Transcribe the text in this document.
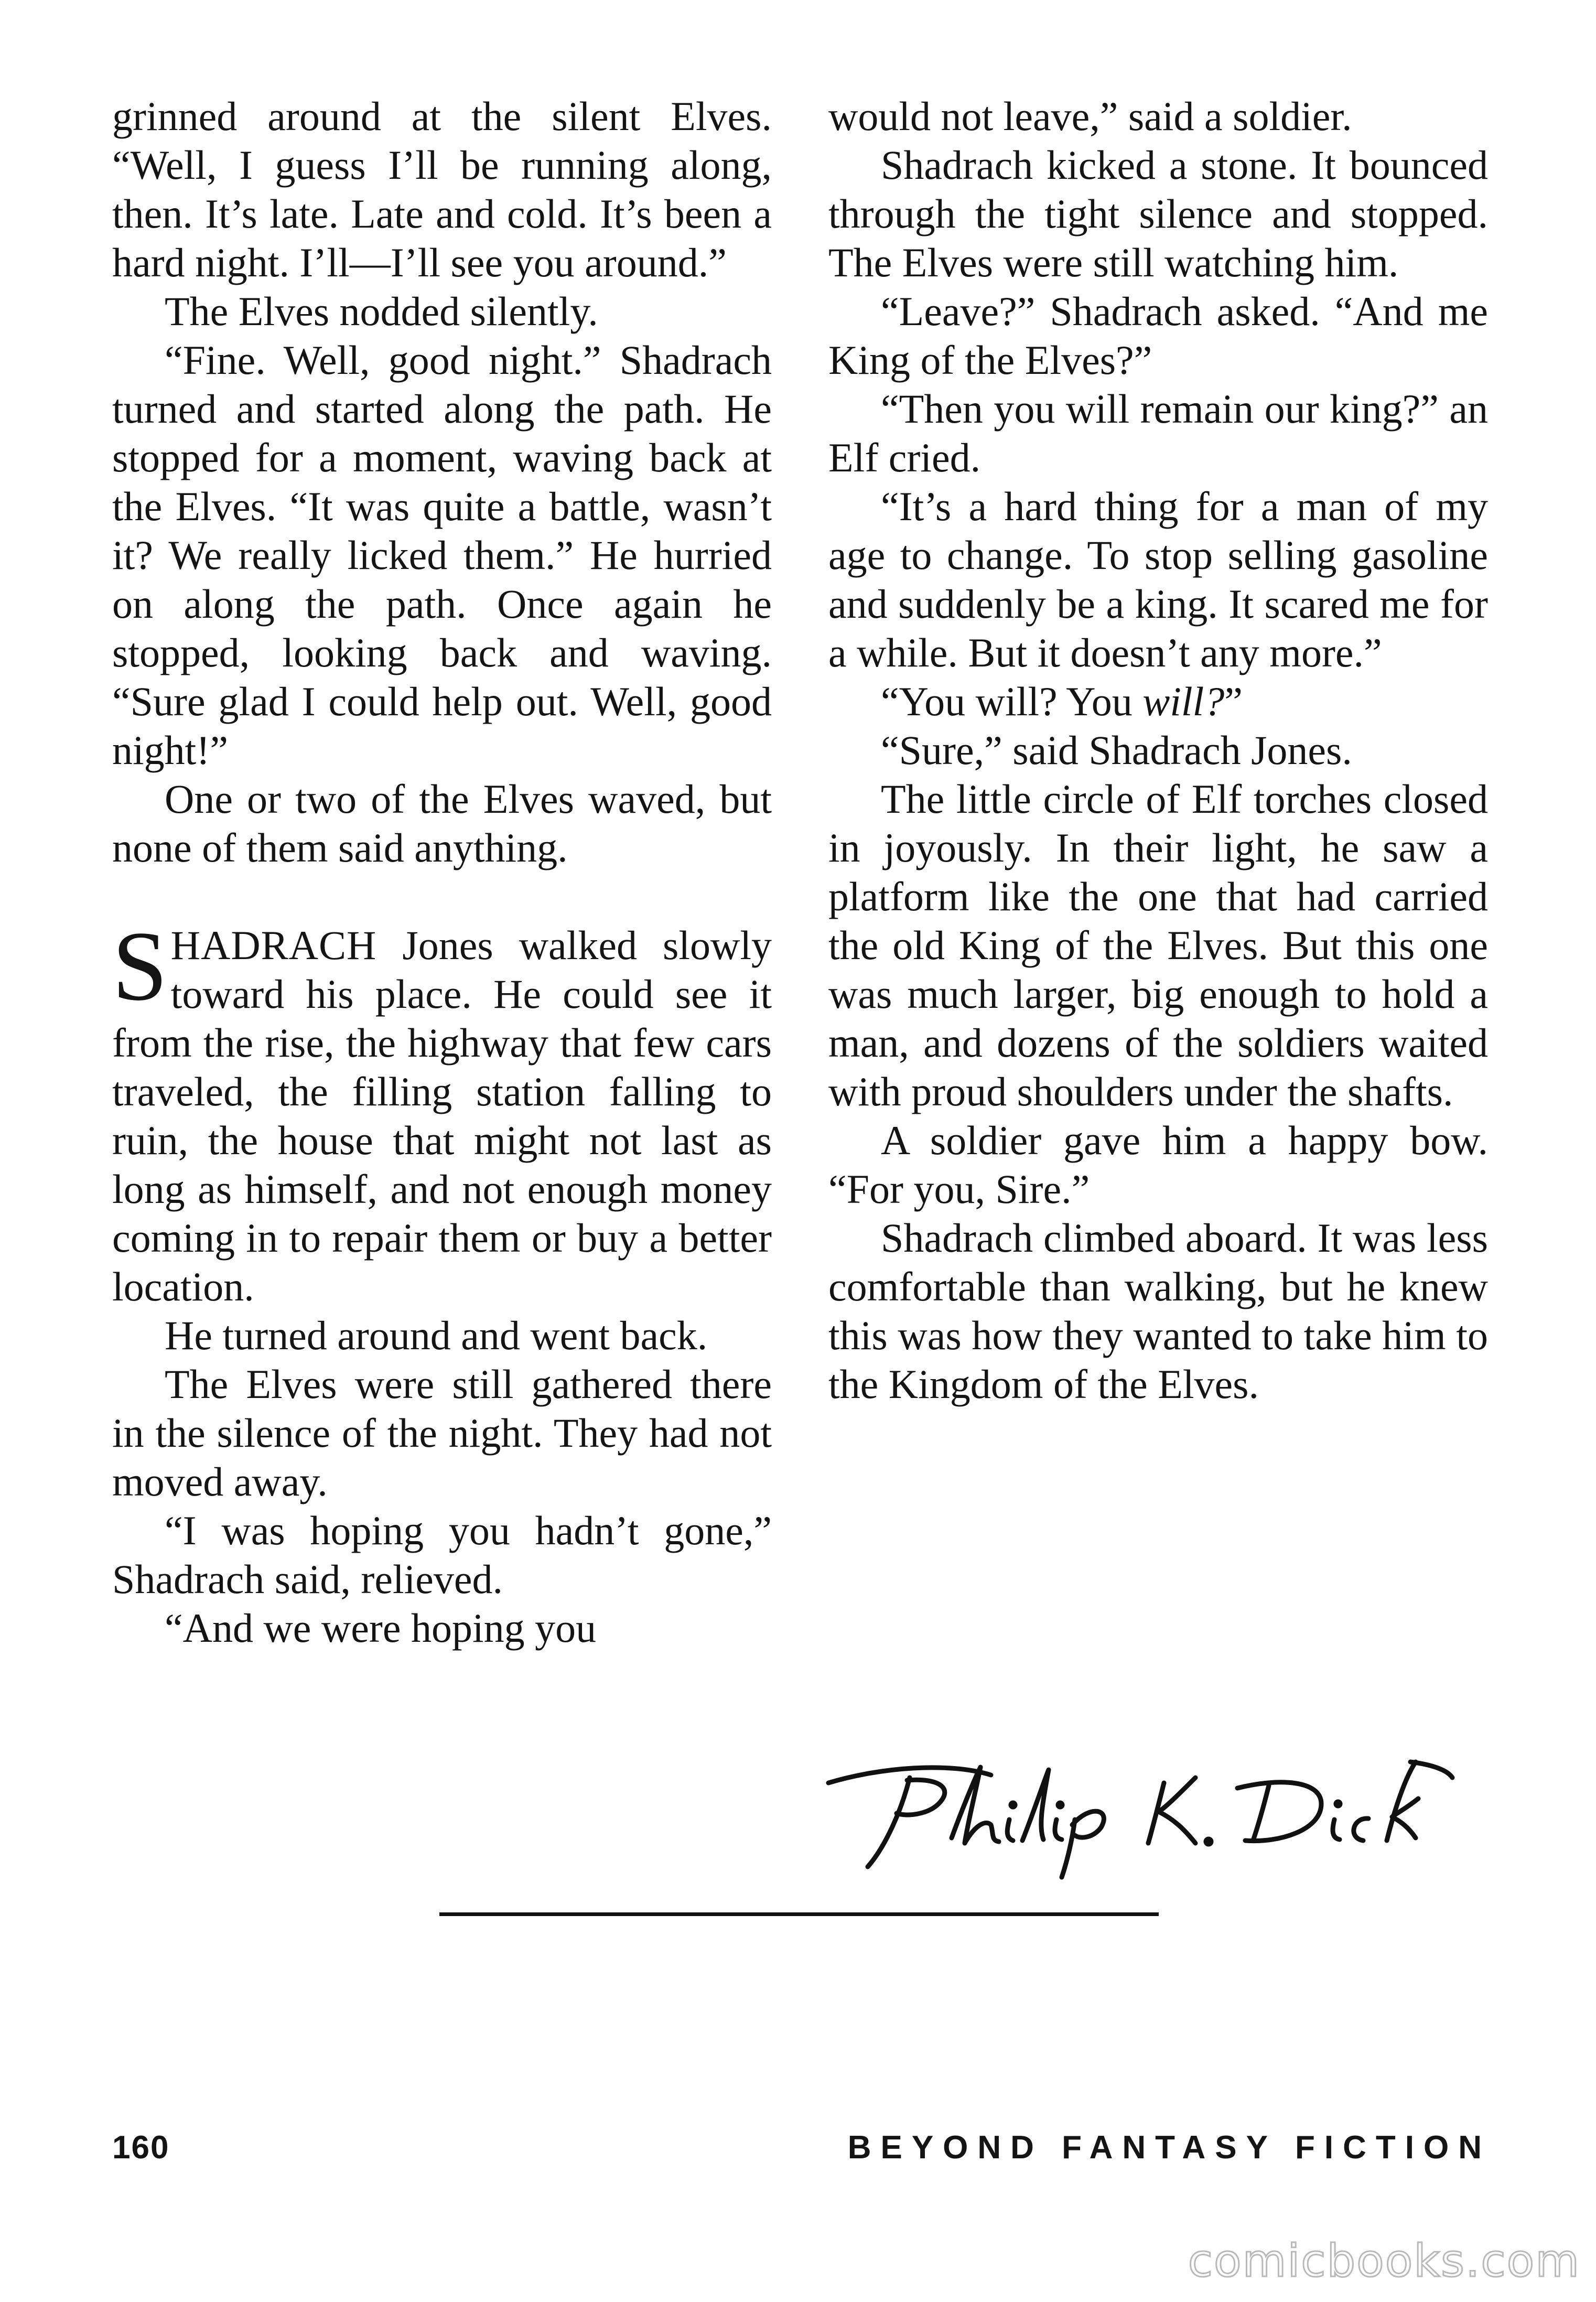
grinned around at the silent Elves. “Well, I guess I’ll be running along, then. It’s late. Late and cold. It’s been a hard night. I’ll—I’ll see you around.”

The Elves nodded silently.

“Fine. Well, good night.” Shadrach turned and started along the path. He stopped for a moment, waving back at the Elves. “It was quite a battle, wasn’t it? We really licked them.” He hurried on along the path. Once again he stopped, looking back and waving. “Sure glad I could help out. Well, good night!”

One or two of the Elves waved, but none of them said anything.

SHADRACH Jones walked slowly toward his place. He could see it from the rise, the highway that few cars traveled, the filling station falling to ruin, the house that might not last as long as himself, and not enough money coming in to repair them or buy a better location.

He turned around and went back.

The Elves were still gathered there in the silence of the night. They had not moved away.

“I was hoping you hadn’t gone,” Shadrach said, relieved.

“And we were hoping you

would not leave,” said a soldier.

Shadrach kicked a stone. It bounced through the tight silence and stopped. The Elves were still watching him.

“Leave?” Shadrach asked. “And me King of the Elves?”

“Then you will remain our king?” an Elf cried.

“It’s a hard thing for a man of my age to change. To stop selling gasoline and suddenly be a king. It scared me for a while. But it doesn’t any more.”

“You will? You will?”

“Sure,” said Shadrach Jones.

The little circle of Elf torches closed in joyously. In their light, he saw a platform like the one that had carried the old King of the Elves. But this one was much larger, big enough to hold a man, and dozens of the soldiers waited with proud shoulders under the shafts.

A soldier gave him a happy bow. “For you, Sire.”

Shadrach climbed aboard. It was less comfortable than walking, but he knew this was how they wanted to take him to the Kingdom of the Elves.

160	BEYOND FANTASY FICTION
comicbooks.com
